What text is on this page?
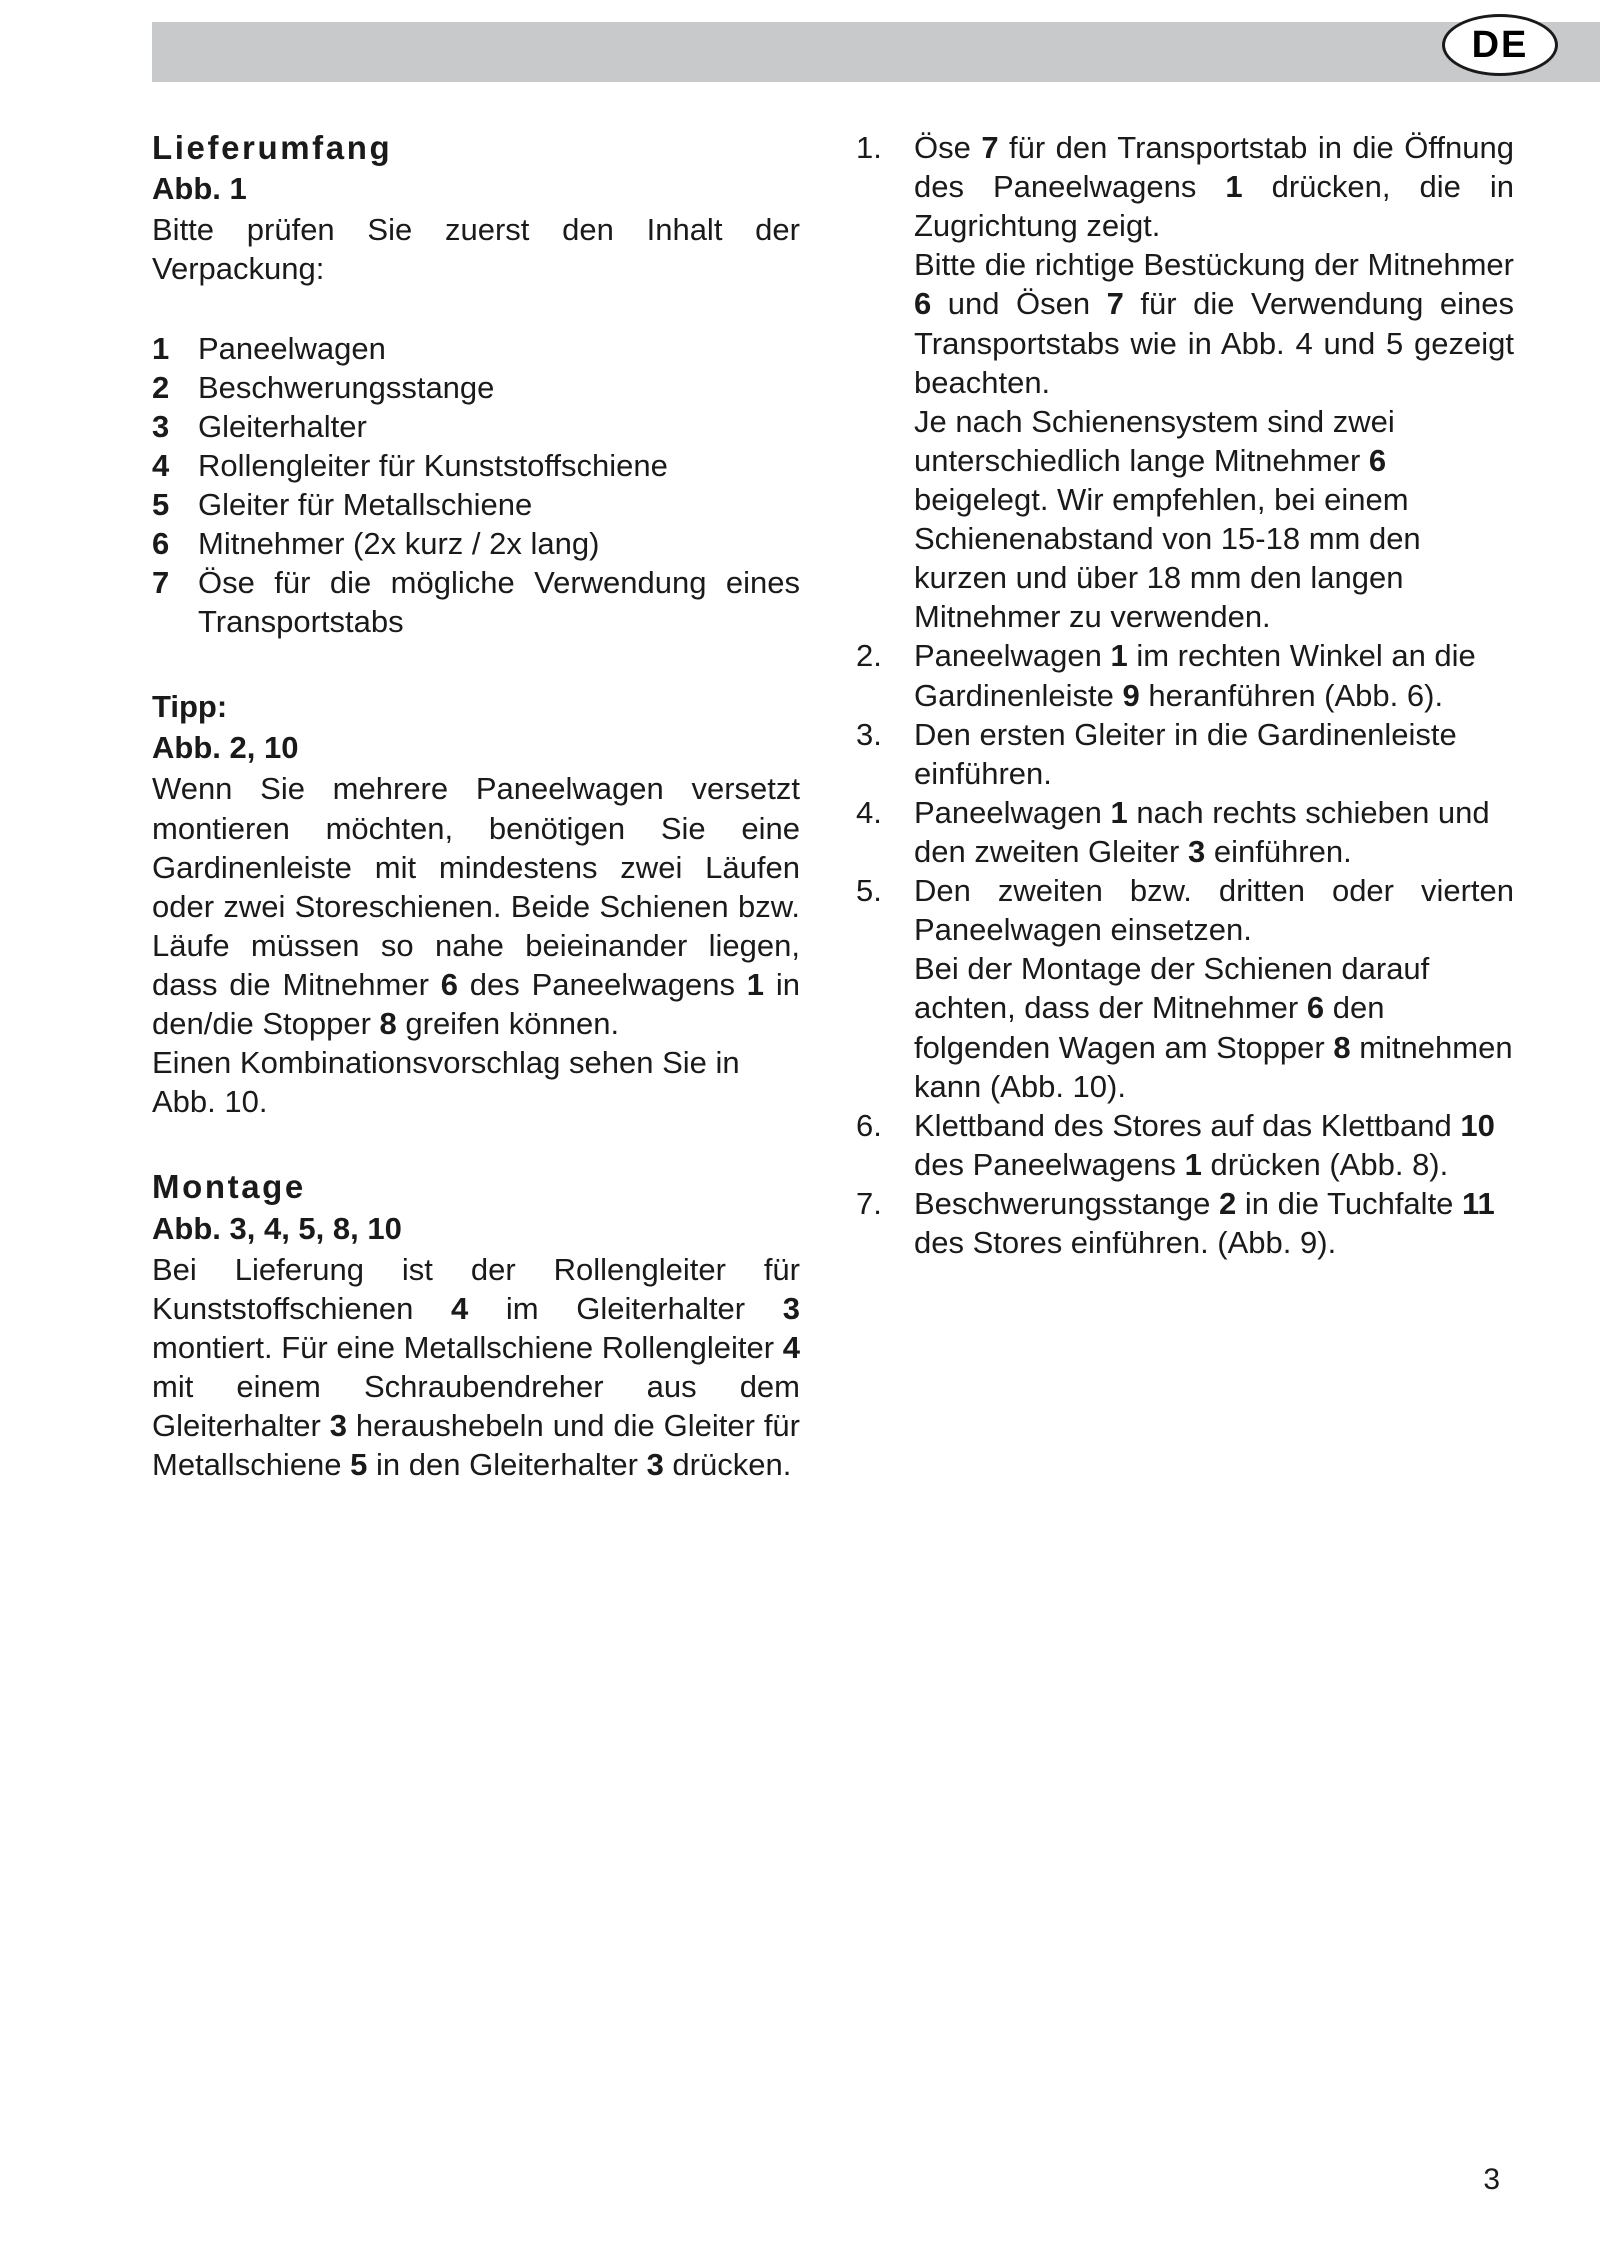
DE
Lieferumfang
Abb. 1

Bitte prüfen Sie zuerst den Inhalt der Verpackung:

1 Paneelwagen
2 Beschwerungsstange
3 Gleiterhalter
4 Rollengleiter für Kunststoffschiene
5 Gleiter für Metallschiene
6 Mitnehmer (2x kurz / 2x lang)
7 Öse für die mögliche Verwendung eines Transportstabs
Tipp:
Abb. 2, 10

Wenn Sie mehrere Paneelwagen versetzt montieren möchten, benötigen Sie eine Gardinenleiste mit mindestens zwei Läufen oder zwei Storeschienen. Beide Schienen bzw. Läufe müssen so nahe beieinander liegen, dass die Mitnehmer 6 des Paneelwagens 1 in den/die Stopper 8 greifen können.

Einen Kombinationsvorschlag sehen Sie in Abb. 10.

Montage
Abb. 3, 4, 5, 8, 10

Bei Lieferung ist der Rollengleiter für Kunststoffschienen 4 im Gleiterhalter 3 montiert. Für eine Metallschiene Rollengleiter 4 mit einem Schraubendreher aus dem Gleiterhalter 3 heraushebeln und die Gleiter für Metallschiene 5 in den Gleiterhalter 3 drücken.

1.	Öse 7 für den Transportstab in die Öffnung des Paneelwagens 1 drücken, die in Zugrichtung zeigt.

Bitte die richtige Bestückung der Mitnehmer 6 und Ösen 7 für die Verwendung eines Transportstabs wie in Abb. 4 und 5 gezeigt beachten.

Je nach Schienensystem sind zwei unterschiedlich lange Mitnehmer 6 beigelegt. Wir empfehlen, bei einem Schienenabstand von 15-18 mm den kurzen und über 18 mm den langen Mitnehmer zu verwenden.

2.	Paneelwagen 1 im rechten Winkel an die Gardinenleiste 9 heranführen (Abb. 6).

3.	Den ersten Gleiter in die Gardinenleiste einführen.

4.	Paneelwagen 1 nach rechts schieben und den zweiten Gleiter 3 einführen.

5.	Den zweiten bzw. dritten oder vierten Paneelwagen einsetzen.

Bei der Montage der Schienen darauf achten, dass der Mitnehmer 6 den folgenden Wagen am Stopper 8 mitnehmen kann (Abb. 10).

6.	Klettband des Stores auf das Klettband 10 des Paneelwagens 1 drücken (Abb. 8).

7.	Beschwerungsstange 2 in die Tuchfalte 11 des Stores einführen. (Abb. 9).

3
